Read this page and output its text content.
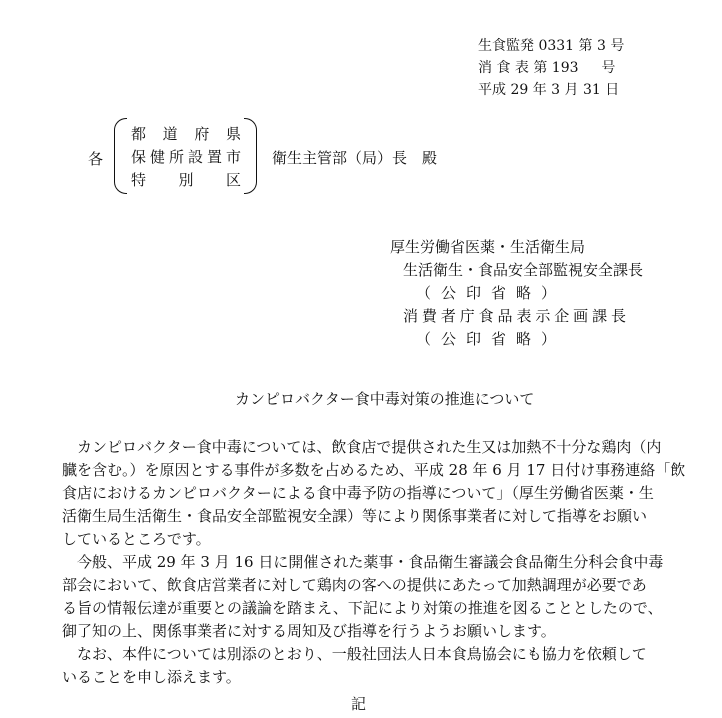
生食監発 0331 第 3 号
消 食 表 第 193 　 号
平成 29 年 3 月 31 日
各
都道府県
保健所設置市
特別区
衛生主管部（局）長　殿
厚生労働省医薬・生活衛生局
生活衛生・食品安全部監視安全課長
（公印省略）
消費者庁食品表示企画課長
（公印省略）
カンピロバクター食中毒対策の推進について
　カンピロバクター食中毒については、飲食店で提供された生又は加熱不十分な鶏肉（内
臓を含む。）を原因とする事件が多数を占めるため、平成 28 年 6 月 17 日付け事務連絡「飲
食店におけるカンピロバクターによる食中毒予防の指導について」（厚生労働省医薬・生
活衛生局生活衛生・食品安全部監視安全課）等により関係事業者に対して指導をお願い
しているところです。
　今般、平成 29 年 3 月 16 日に開催された薬事・食品衛生審議会食品衛生分科会食中毒
部会において、飲食店営業者に対して鶏肉の客への提供にあたって加熱調理が必要であ
る旨の情報伝達が重要との議論を踏まえ、下記により対策の推進を図ることとしたので、
御了知の上、関係事業者に対する周知及び指導を行うようお願いします。
　なお、本件については別添のとおり、一般社団法人日本食鳥協会にも協力を依頼して
いることを申し添えます。
記
